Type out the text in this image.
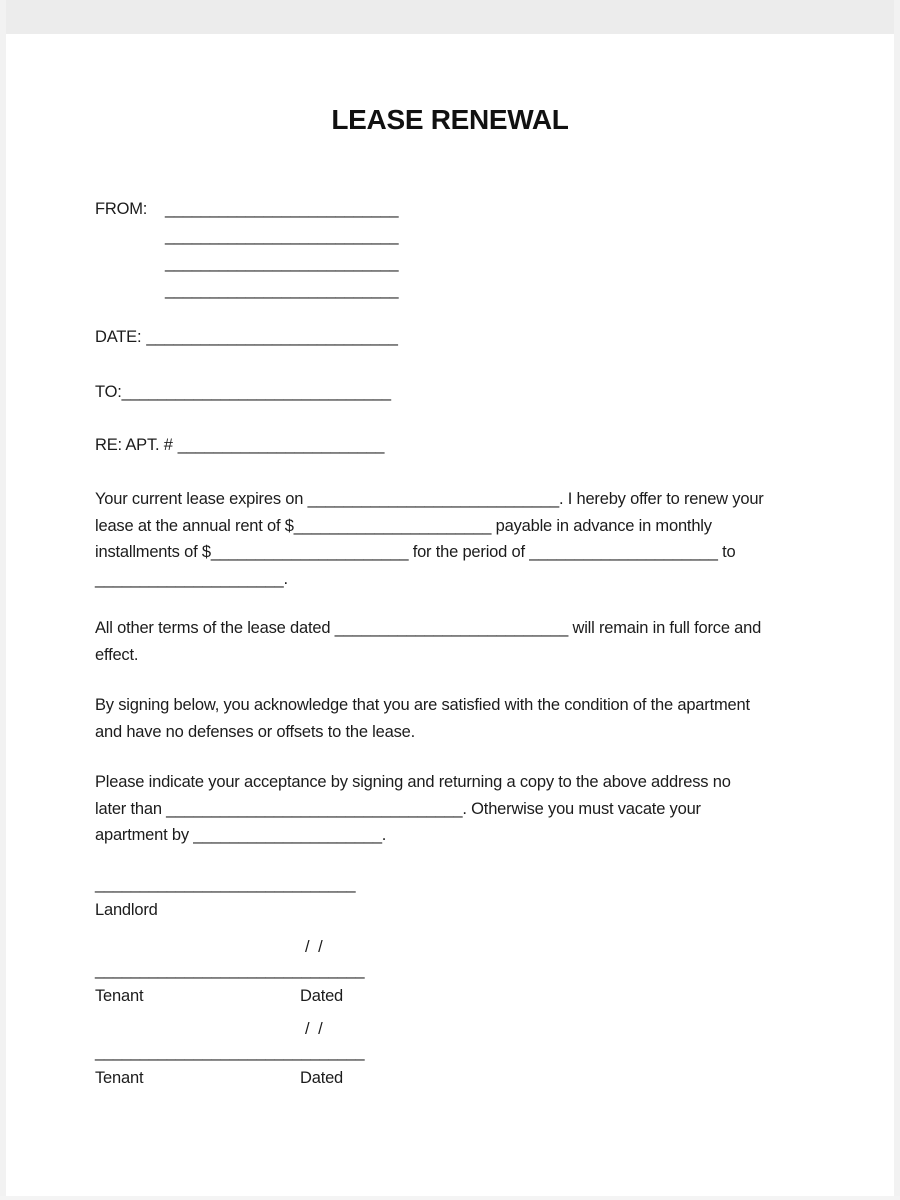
LEASE RENEWAL
FROM: __________________________
__________________________
__________________________
__________________________
DATE: ____________________________
TO:______________________________
RE: APT. # _______________________
Your current lease expires on ____________________________. I hereby offer to renew your
lease at the annual rent of $______________________ payable in advance in monthly
installments of $______________________ for the period of _____________________ to
_____________________.
All other terms of the lease dated __________________________ will remain in full force and
effect.
By signing below, you acknowledge that you are satisfied with the condition of the apartment
and have no defenses or offsets to the lease.
Please indicate your acceptance by signing and returning a copy to the above address no
later than _________________________________. Otherwise you must vacate your
apartment by _____________________.
_____________________________
Landlord
/  /
______________________________
Tenant	Dated
/  /
______________________________
Tenant	Dated
